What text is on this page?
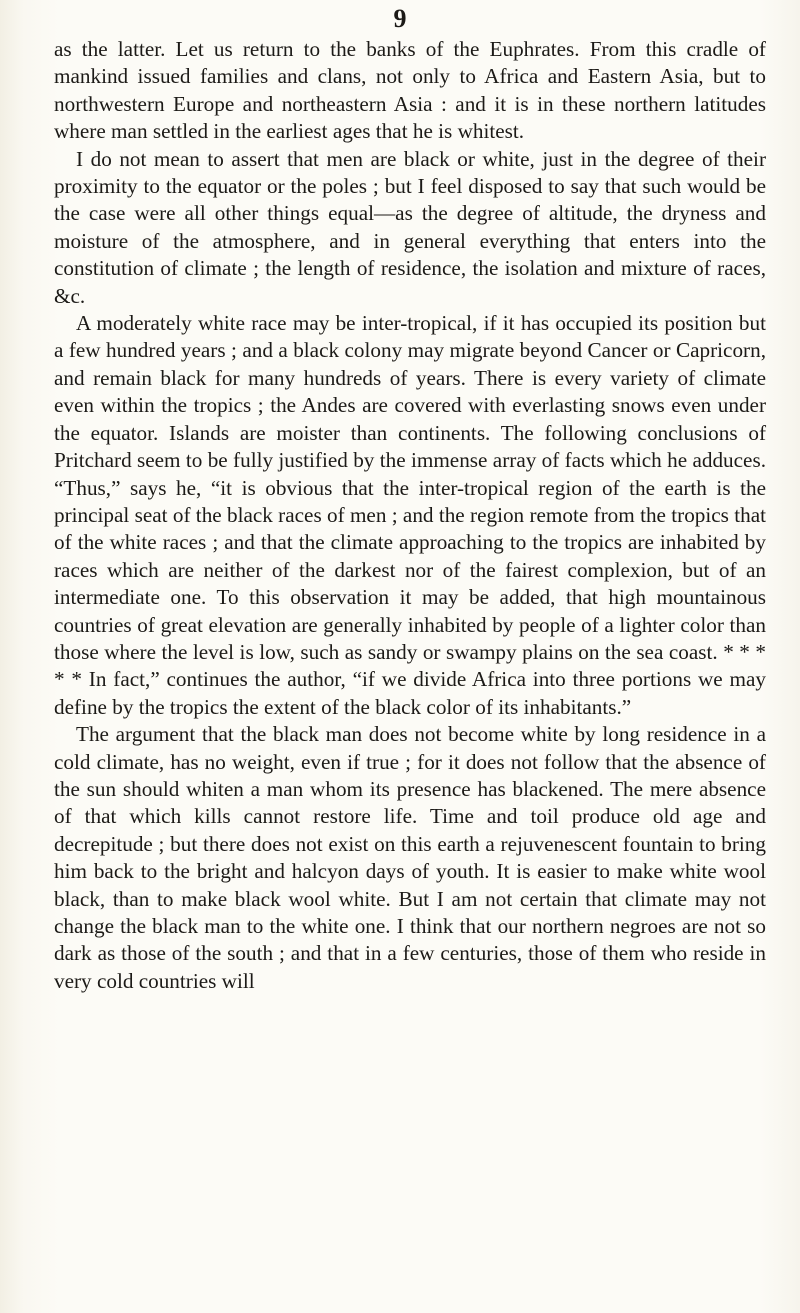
9

as the latter. Let us return to the banks of the Euphrates. From this cradle of mankind issued families and clans, not only to Africa and Eastern Asia, but to northwestern Europe and northeastern Asia : and it is in these northern latitudes where man settled in the earliest ages that he is whitest.

I do not mean to assert that men are black or white, just in the degree of their proximity to the equator or the poles ; but I feel disposed to say that such would be the case were all other things equal—as the degree of altitude, the dryness and moisture of the atmosphere, and in general everything that enters into the constitution of climate ; the length of residence, the isolation and mixture of races, &c.

A moderately white race may be inter-tropical, if it has occupied its position but a few hundred years ; and a black colony may migrate beyond Cancer or Capricorn, and remain black for many hundreds of years. There is every variety of climate even within the tropics ; the Andes are covered with everlasting snows even under the equator. Islands are moister than continents. The following conclusions of Pritchard seem to be fully justified by the immense array of facts which he adduces. “Thus,” says he, “it is obvious that the inter-tropical region of the earth is the principal seat of the black races of men ; and the region remote from the tropics that of the white races ; and that the climate approaching to the tropics are inhabited by races which are neither of the darkest nor of the fairest complexion, but of an intermediate one. To this observation it may be added, that high mountainous countries of great elevation are generally inhabited by people of a lighter color than those where the level is low, such as sandy or swampy plains on the sea coast. * * * * * In fact,” continues the author, “if we divide Africa into three portions we may define by the tropics the extent of the black color of its inhabitants.”

The argument that the black man does not become white by long residence in a cold climate, has no weight, even if true ; for it does not follow that the absence of the sun should whiten a man whom its presence has blackened. The mere absence of that which kills cannot restore life. Time and toil produce old age and decrepitude ; but there does not exist on this earth a rejuvenescent fountain to bring him back to the bright and halcyon days of youth. It is easier to make white wool black, than to make black wool white. But I am not certain that climate may not change the black man to the white one. I think that our northern negroes are not so dark as those of the south ; and that in a few centuries, those of them who reside in very cold countries will
